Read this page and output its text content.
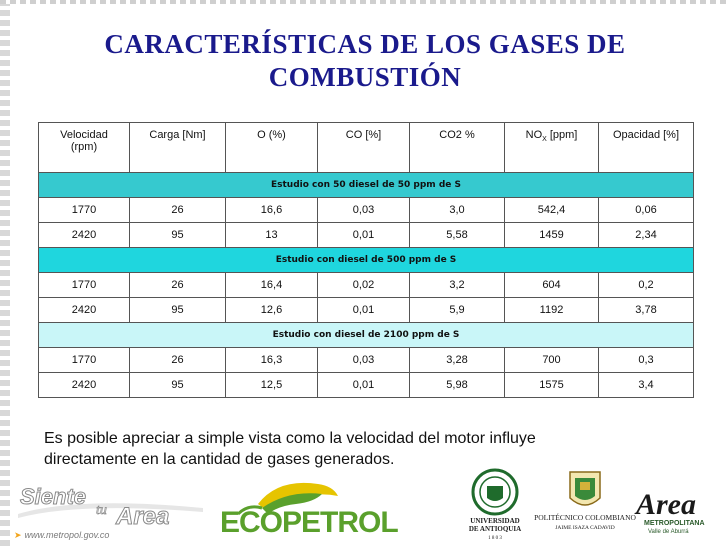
CARACTERÍSTICAS DE LOS GASES DE
COMBUSTIÓN
Velocidad
(rpm)	Carga [Nm]	O (%)	CO [%]	CO2 %	$NO_X$ [ppm]	Opacidad [%]
Estudio con 50 diesel de 50 ppm de S						
1770	26	16,6	0,03	3,0	542,4	0,06
2420	95	13	0,01	5,58	1459	2,34
Estudio con diesel de 500 ppm de S						
1770	26	16,4	0,02	3,2	604	0,2
2420	95	12,6	0,01	5,9	1192	3,78
Estudio con diesel de 2100 ppm de S						
1770	26	16,3	0,03	3,28	700	0,3
2420	95	12,5	0,01	5,98	1575	3,4
Es posible apreciar a simple vista como la velocidad del motor influye
directamente en la cantidad de gases generados.
Siente
tu Area
➤ www.metropol.gov.co	ECOPETROL	UNIVERSIDAD
DE ANTIOQUIA
1 8 0 3
POLITÉCNICO COLOMBIANO
JAIME ISAZA CADAVID
Area
METROPOLITANA
Valle de Aburrá
